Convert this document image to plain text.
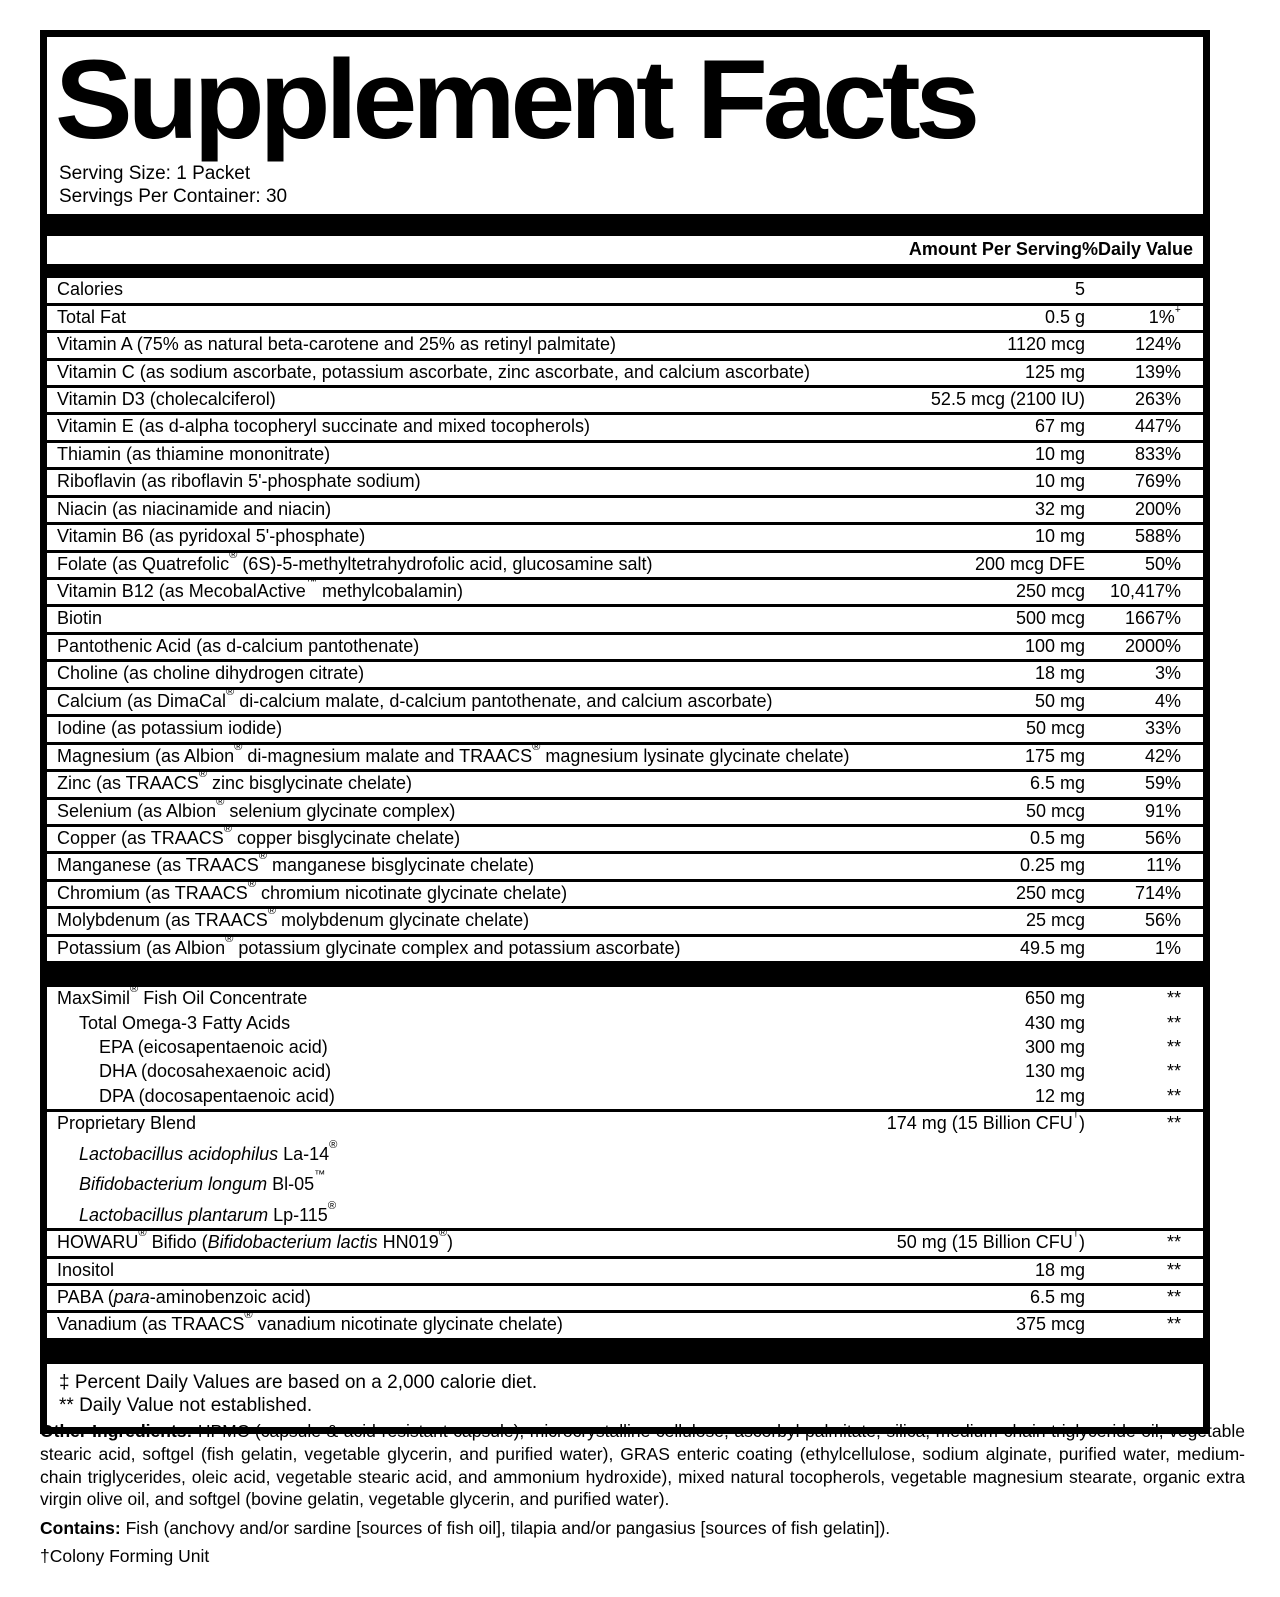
Supplement Facts
Serving Size: 1 Packet
Servings Per Container: 30
Amount Per Serving %Daily Value
Calories	5
Total Fat	0.5 g	1%‡
Vitamin A (75% as natural beta-carotene and 25% as retinyl palmitate)	1120 mcg	124%
Vitamin C (as sodium ascorbate, potassium ascorbate, zinc ascorbate, and calcium ascorbate)	125 mg	139%
Vitamin D3 (cholecalciferol)	52.5 mcg (2100 IU)	263%
Vitamin E (as d-alpha tocopheryl succinate and mixed tocopherols)	67 mg	447%
Thiamin (as thiamine mononitrate)	10 mg	833%
Riboflavin (as riboflavin 5'-phosphate sodium)	10 mg	769%
Niacin (as niacinamide and niacin)	32 mg	200%
Vitamin B6 (as pyridoxal 5'-phosphate)	10 mg	588%
Folate (as Quatrefolic® (6S)-5-methyltetrahydrofolic acid, glucosamine salt)	200 mcg DFE	50%
Vitamin B12 (as MecobalActive™ methylcobalamin)	250 mcg	10,417%
Biotin	500 mcg	1667%
Pantothenic Acid (as d-calcium pantothenate)	100 mg	2000%
Choline (as choline dihydrogen citrate)	18 mg	3%
Calcium (as DimaCal® di-calcium malate, d-calcium pantothenate, and calcium ascorbate)	50 mg	4%
Iodine (as potassium iodide)	50 mcg	33%
Magnesium (as Albion® di-magnesium malate and TRAACS® magnesium lysinate glycinate chelate)	175 mg	42%
Zinc (as TRAACS® zinc bisglycinate chelate)	6.5 mg	59%
Selenium (as Albion® selenium glycinate complex)	50 mcg	91%
Copper (as TRAACS® copper bisglycinate chelate)	0.5 mg	56%
Manganese (as TRAACS® manganese bisglycinate chelate)	0.25 mg	11%
Chromium (as TRAACS® chromium nicotinate glycinate chelate)	250 mcg	714%
Molybdenum (as TRAACS® molybdenum glycinate chelate)	25 mcg	56%
Potassium (as Albion® potassium glycinate complex and potassium ascorbate)	49.5 mg	1%
MaxSimil® Fish Oil Concentrate	650 mg	**
Total Omega-3 Fatty Acids	430 mg	**
EPA (eicosapentaenoic acid)	300 mg	**
DHA (docosahexaenoic acid)	130 mg	**
DPA (docosapentaenoic acid)	12 mg	**
Proprietary Blend	174 mg (15 Billion CFU†)	**
Lactobacillus acidophilus La-14®
Bifidobacterium longum Bl-05™
Lactobacillus plantarum Lp-115®
HOWARU® Bifido (Bifidobacterium lactis HN019®)	50 mg (15 Billion CFU†)	**
Inositol	18 mg	**
PABA (para-aminobenzoic acid)	6.5 mg	**
Vanadium (as TRAACS® vanadium nicotinate glycinate chelate)	375 mcg	**
‡ Percent Daily Values are based on a 2,000 calorie diet.
** Daily Value not established.

Other Ingredients: HPMC (capsule & acid-resistant capsule), microcrystalline cellulose, ascorbyl palmitate, silica, medium-chain triglyceride oil, vegetable stearic acid, softgel (fish gelatin, vegetable glycerin, and purified water), GRAS enteric coating (ethylcellulose, sodium alginate, purified water, medium-chain triglycerides, oleic acid, vegetable stearic acid, and ammonium hydroxide), mixed natural tocopherols, vegetable magnesium stearate, organic extra virgin olive oil, and softgel (bovine gelatin, vegetable glycerin, and purified water).

Contains: Fish (anchovy and/or sardine [sources of fish oil], tilapia and/or pangasius [sources of fish gelatin]).

†Colony Forming Unit
